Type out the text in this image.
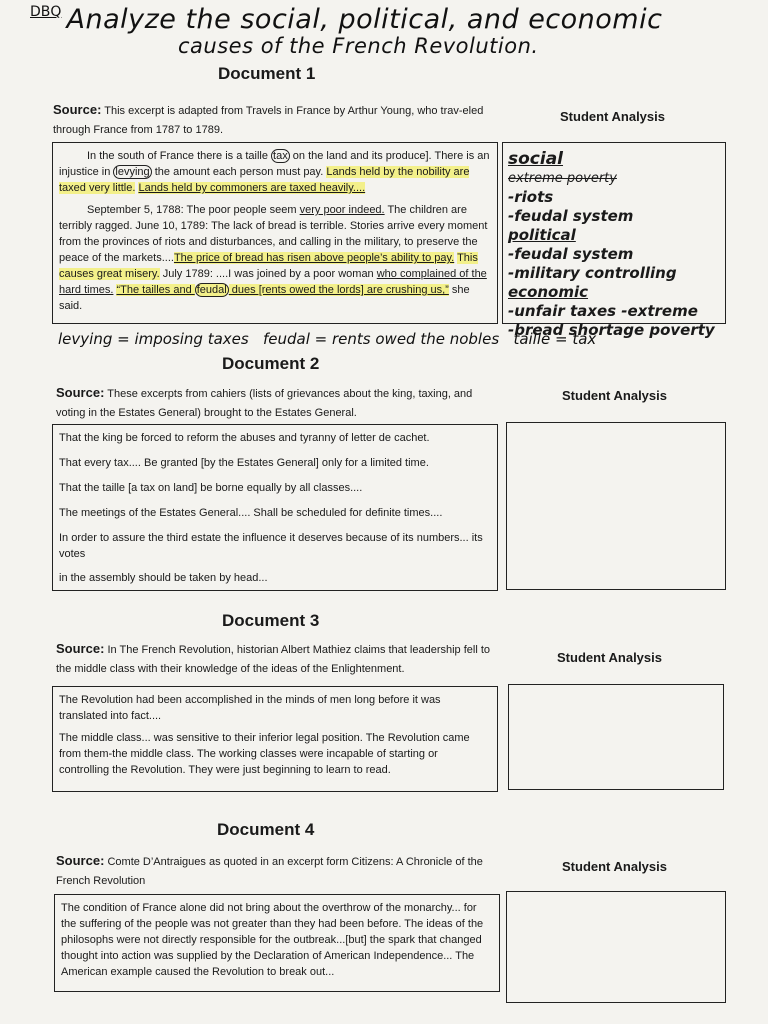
DBQ Analyze the social, political, and economic
causes of the French Revolution.
Document 1
Source: This excerpt is adapted from Travels in France by Arthur Young, who trav-eled through France from 1787 to 1789.
Student Analysis

In the south of France there is a taille tax on the land and its produce]. There is an injustice in levying the amount each person must pay. Lands held by the nobility are taxed very little. Lands held by commoners are taxed heavily....

September 5, 1788: The poor people seem very poor indeed. The children are terribly ragged. June 10, 1789: The lack of bread is terrible. Stories arrive every moment from the provinces of riots and disturbances, and calling in the military, to preserve the peace of the markets....The price of bread has risen above people’s ability to pay. This causes great misery. July 1789: ....I was joined by a poor woman who complained of the hard times. “The tailles and feudal dues [rents owed the lords] are crushing us,” she said.

social
extreme poverty
-riots
-feudal system
political
-feudal system
-military controlling
economic
-unfair taxes -extreme
-bread shortage poverty
levying = imposing taxes   feudal = rents owed the nobles   taille = tax
Document 2
Source: These excerpts from cahiers (lists of grievances about the king, taxing, and voting in the Estates General) brought to the Estates General.
Student Analysis

That the king be forced to reform the abuses and tyranny of letter de cachet.

That every tax.... Be granted [by the Estates General] only for a limited time.

That the taille [a tax on land] be borne equally by all classes....

The meetings of the Estates General.... Shall be scheduled for definite times....

In order to assure the third estate the influence it deserves because of its numbers... its votes

in the assembly should be taken by head...

Document 3
Source: In The French Revolution, historian Albert Mathiez claims that leadership fell to the middle class with their knowledge of the ideas of the Enlightenment.
Student Analysis

The Revolution had been accomplished in the minds of men long before it was translated into fact....

The middle class... was sensitive to their inferior legal position. The Revolution came from them-the middle class. The working classes were incapable of starting or controlling the Revolution. They were just beginning to learn to read.

Document 4
Source: Comte D’Antraigues as quoted in an excerpt form Citizens: A Chronicle of the French Revolution
Student Analysis

The condition of France alone did not bring about the overthrow of the monarchy... for the suffering of the people was not greater than they had been before. The ideas of the philosophs were not directly responsible for the outbreak...[but] the spark that changed thought into action was supplied by the Declaration of American Independence... The American example caused the Revolution to break out...
